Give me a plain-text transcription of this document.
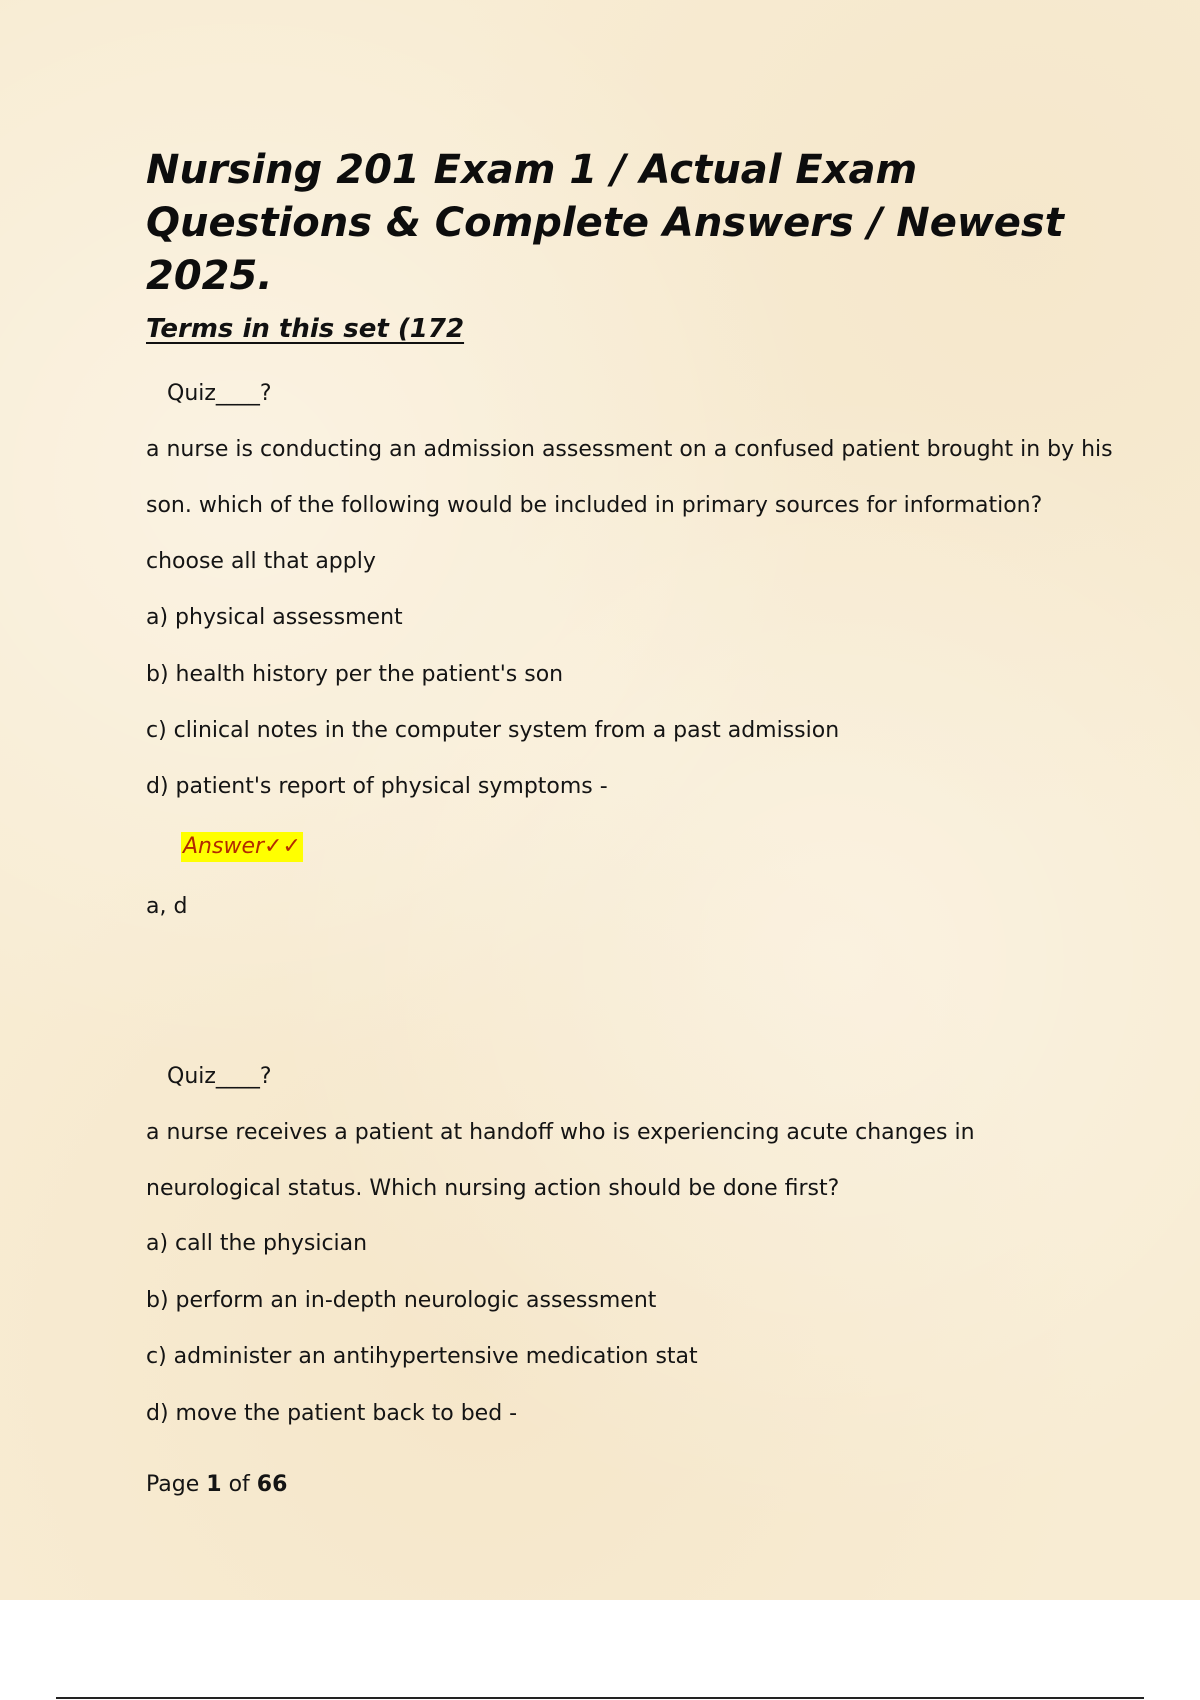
Nursing 201 Exam 1 / Actual Exam Questions & Complete Answers / Newest 2025.
Terms in this set (172
Quiz____?
a nurse is conducting an admission assessment on a confused patient brought in by his
son. which of the following would be included in primary sources for information?
choose all that apply
a) physical assessment
b) health history per the patient's son
c) clinical notes in the computer system from a past admission
d) patient's report of physical symptoms -
Answer✓✓
a, d
Quiz____?
a nurse receives a patient at handoff who is experiencing acute changes in
neurological status. Which nursing action should be done first?
a) call the physician
b) perform an in-depth neurologic assessment
c) administer an antihypertensive medication stat
d) move the patient back to bed -
Page 1 of 66
